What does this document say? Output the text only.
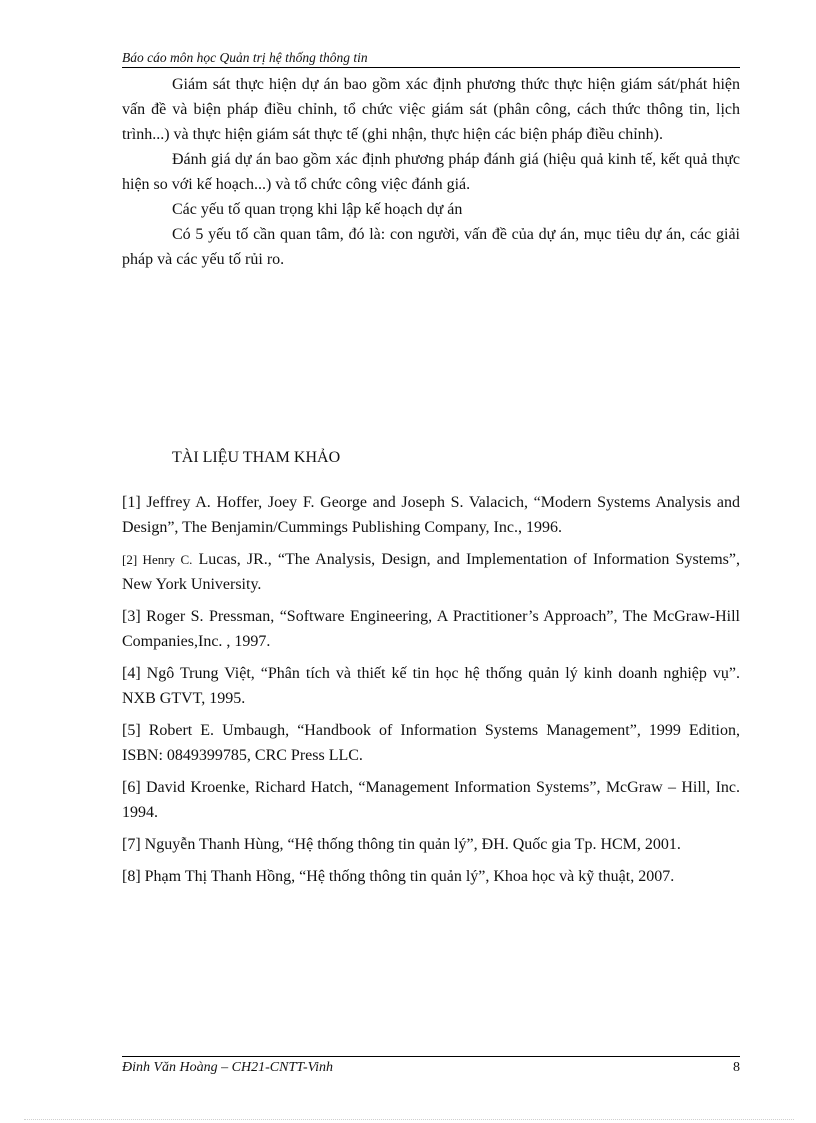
Báo cáo môn học Quản trị hệ thống thông tin

Giám sát thực hiện dự án bao gồm xác định phương thức thực hiện giám sát/phát hiện vấn đề và biện pháp điều chỉnh, tổ chức việc giám sát (phân công, cách thức thông tin, lịch trình...) và thực hiện giám sát thực tế (ghi nhận, thực hiện các biện pháp điều chỉnh).

Đánh giá dự án bao gồm xác định phương pháp đánh giá (hiệu quả kinh tế, kết quả thực hiện so với kế hoạch...) và tổ chức công việc đánh giá.

Các yếu tố quan trọng khi lập kế hoạch dự án

Có 5 yếu tố cần quan tâm, đó là: con người, vấn đề của dự án, mục tiêu dự án, các giải pháp và các yếu tố rủi ro.

TÀI LIỆU THAM KHẢO

[1] Jeffrey A. Hoffer, Joey F. George and Joseph S. Valacich, “Modern Systems Analysis and Design”, The Benjamin/Cummings Publishing Company, Inc., 1996.

[2] Henry C. Lucas, JR., “The Analysis, Design, and Implementation of Information Systems”, New York University.

[3] Roger S. Pressman, “Software Engineering, A Practitioner’s Approach”, The McGraw-Hill Companies,Inc. , 1997.

[4] Ngô Trung Việt, “Phân tích và thiết kế tin học hệ thống quản lý kinh doanh nghiệp vụ”. NXB GTVT, 1995.

[5] Robert E. Umbaugh, “Handbook of Information Systems Management”, 1999 Edition, ISBN: 0849399785, CRC Press LLC.

[6] David Kroenke, Richard Hatch, “Management Information Systems”, McGraw – Hill, Inc. 1994.

[7] Nguyễn Thanh Hùng, “Hệ thống thông tin quản lý”, ĐH. Quốc gia Tp. HCM, 2001.

[8] Phạm Thị Thanh Hồng, “Hệ thống thông tin quản lý”, Khoa học và kỹ thuật, 2007.

Đinh Văn Hoàng – CH21-CNTT-Vinh	8
